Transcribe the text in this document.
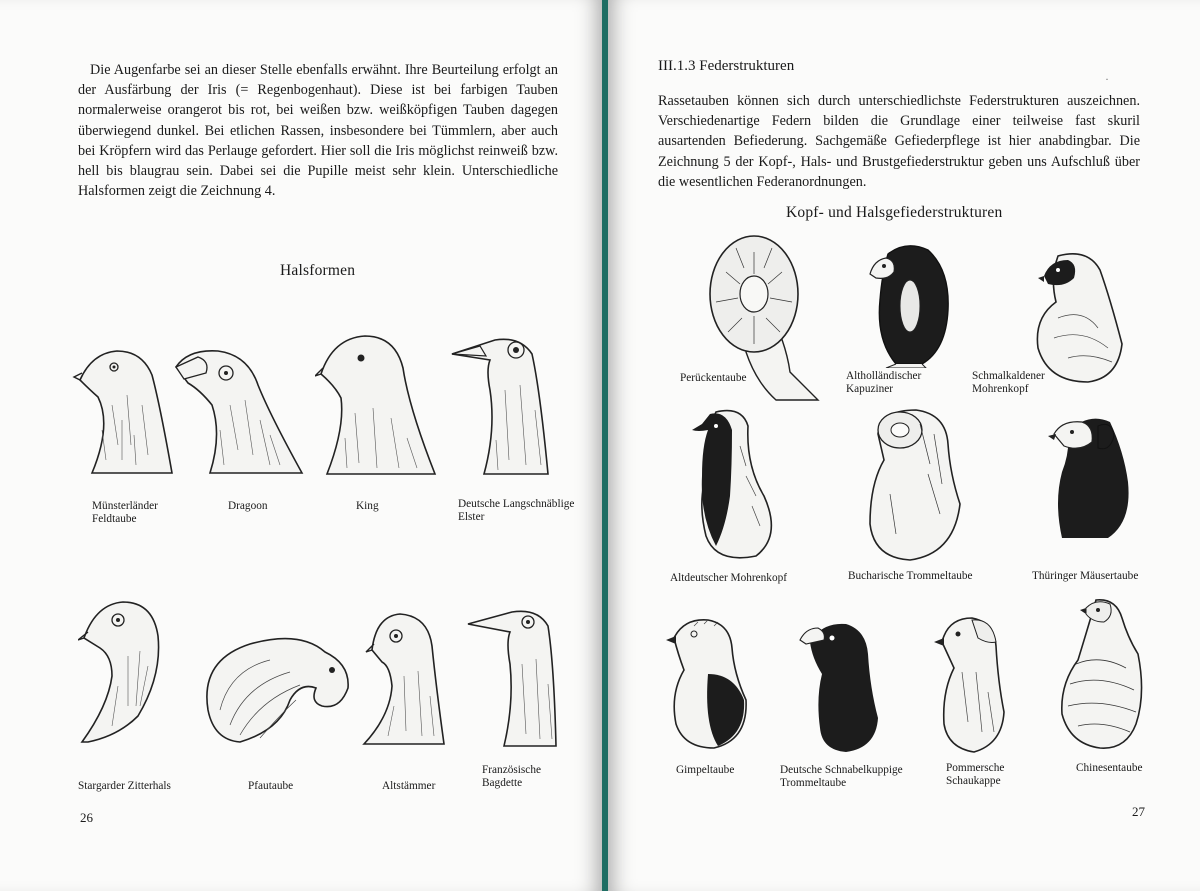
Die Augenfarbe sei an dieser Stelle ebenfalls erwähnt. Ihre Beurteilung erfolgt an der Ausfärbung der Iris (= Regenbogenhaut). Diese ist bei farbigen Tauben normalerweise orangerot bis rot, bei weißen bzw. weißköpfigen Tauben dagegen überwiegend dunkel. Bei etlichen Rassen, insbesondere bei Tümmlern, aber auch bei Kröpfern wird das Perlauge gefordert. Hier soll die Iris möglichst reinweiß bzw. hell bis blaugrau sein. Dabei sei die Pupille meist sehr klein. Unterschiedliche Halsformen zeigt die Zeichnung 4.

Halsformen

Münsterländer Feldtaube

Dragoon	King	Deutsche Langschnäblige Elster

Stargarder Zitterhals	Pfautaube	Altstämmer

Französische Bagdette

26
III.1.3 Federstrukturen
·

Rassetauben können sich durch unterschiedlichste Federstrukturen auszeichnen. Verschiedenartige Federn bilden die Grundlage einer teilweise fast skuril ausartenden Befiederung. Sachgemäße Gefiederpflege ist hier anabdingbar. Die Zeichnung 5 der Kopf-, Hals- und Brustgefiederstruktur geben uns Aufschluß über die wesentlichen Federanordnungen.

Kopf- und Halsgefiederstrukturen

Perückentaube	Altholländischer Kapuziner

Schmalkaldener Mohrenkopf

Altdeutscher Mohrenkopf	Bucharische Trommeltaube	Thüringer Mäusertaube

Gimpeltaube	Deutsche Schnabelkuppige Trommeltaube

Pommersche Schaukappe

Chinesentaube

27
